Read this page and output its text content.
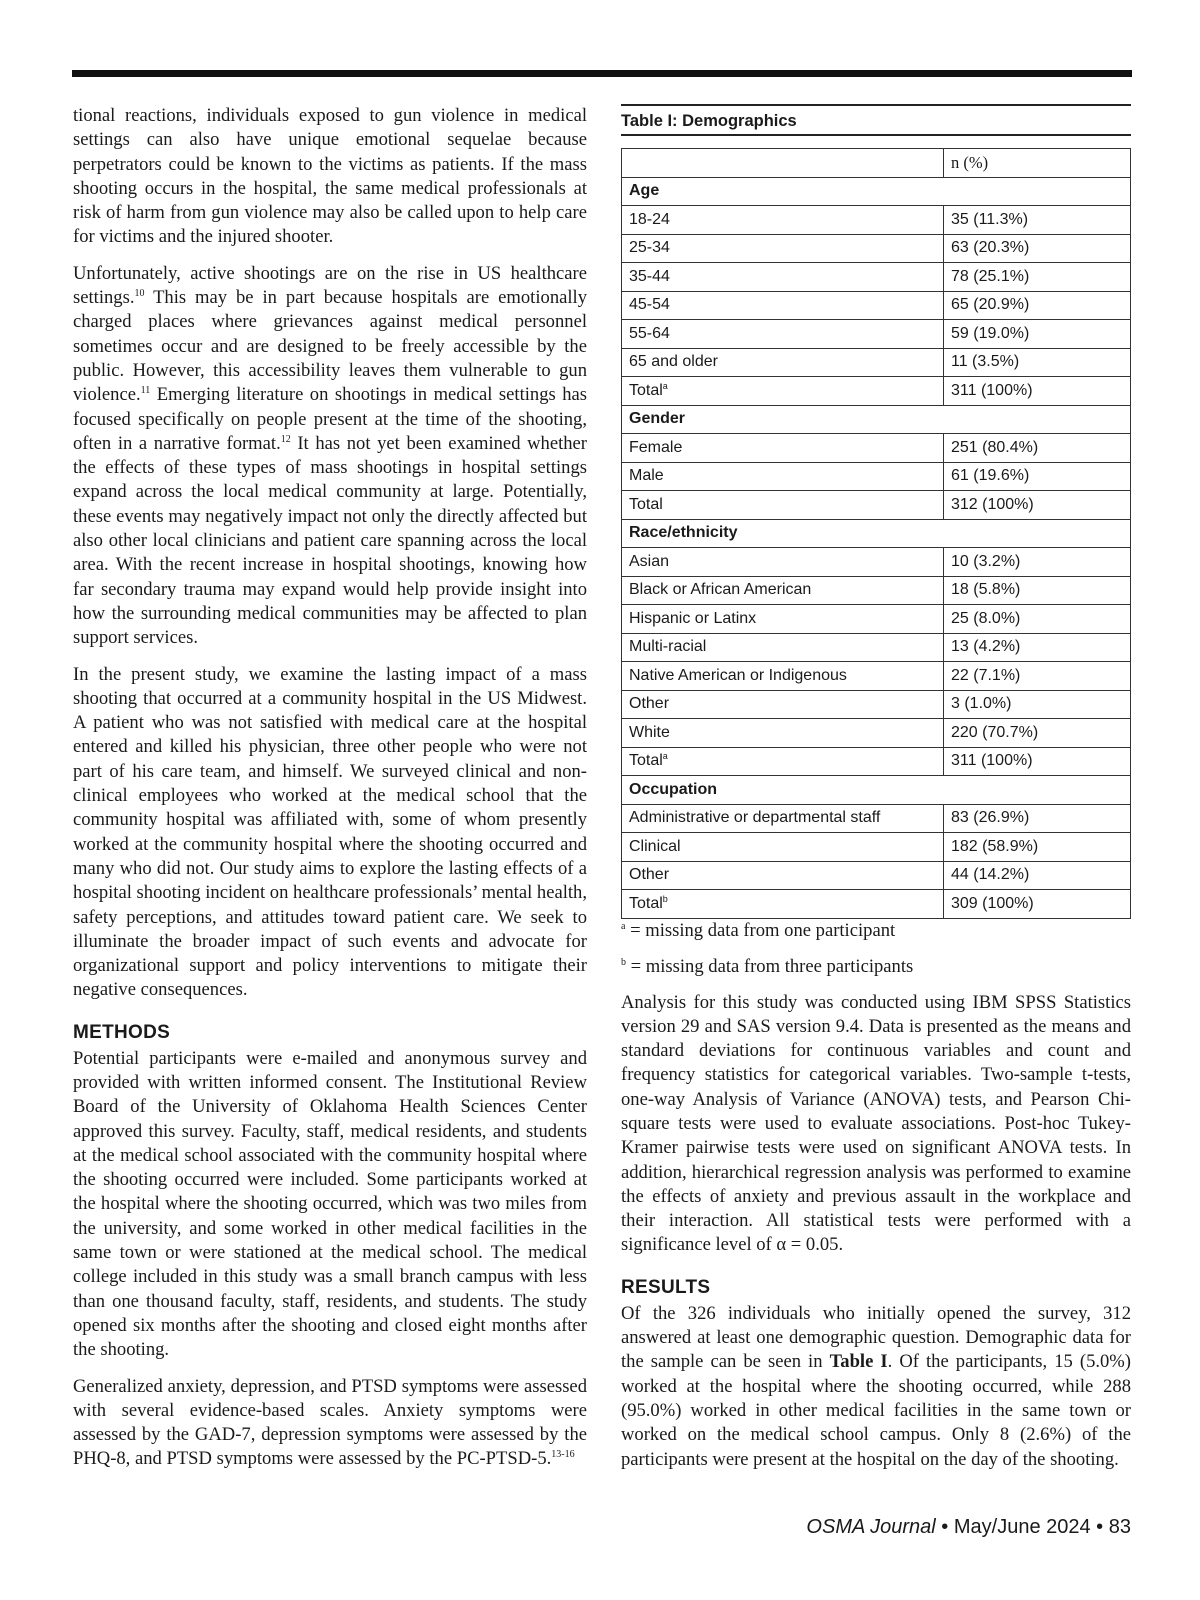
tional reactions, individuals exposed to gun violence in medical settings can also have unique emotional sequelae because perpetrators could be known to the victims as patients. If the mass shooting occurs in the hospital, the same medical professionals at risk of harm from gun violence may also be called upon to help care for victims and the injured shooter.

Unfortunately, active shootings are on the rise in US healthcare settings.$^{10}$ This may be in part because hospitals are emotionally charged places where grievances against medical personnel sometimes occur and are designed to be freely accessible by the public. However, this accessibility leaves them vulnerable to gun violence.$^{11}$ Emerging literature on shootings in medical settings has focused specifically on people present at the time of the shooting, often in a narrative format.$^{12}$ It has not yet been examined whether the effects of these types of mass shootings in hospital settings expand across the local medical community at large. Potentially, these events may negatively impact not only the directly affected but also other local clinicians and patient care spanning across the local area. With the recent increase in hospital shootings, knowing how far secondary trauma may expand would help provide insight into how the surrounding medical communities may be affected to plan support services.

In the present study, we examine the lasting impact of a mass shooting that occurred at a community hospital in the US Midwest. A patient who was not satisfied with medical care at the hospital entered and killed his physician, three other people who were not part of his care team, and himself. We surveyed clinical and non-clinical employees who worked at the medical school that the community hospital was affiliated with, some of whom presently worked at the community hospital where the shooting occurred and many who did not. Our study aims to explore the lasting effects of a hospital shooting incident on healthcare professionals’ mental health, safety perceptions, and attitudes toward patient care. We seek to illuminate the broader impact of such events and advocate for organizational support and policy interventions to mitigate their negative consequences.

METHODS

Potential participants were e-mailed and anonymous survey and provided with written informed consent. The Institutional Review Board of the University of Oklahoma Health Sciences Center approved this survey. Faculty, staff, medical residents, and students at the medical school associated with the community hospital where the shooting occurred were included. Some participants worked at the hospital where the shooting occurred, which was two miles from the university, and some worked in other medical facilities in the same town or were stationed at the medical school. The medical college included in this study was a small branch campus with less than one thousand faculty, staff, residents, and students. The study opened six months after the shooting and closed eight months after the shooting.

Generalized anxiety, depression, and PTSD symptoms were assessed with several evidence-based scales. Anxiety symptoms were assessed by the GAD-7, depression symptoms were assessed by the PHQ-8, and PTSD symptoms were assessed by the PC-PTSD-5.$^{13-16}$

Table I: Demographics
	n (%)
Age	
18-24	35 (11.3%)
25-34	63 (20.3%)
35-44	78 (25.1%)
45-54	65 (20.9%)
55-64	59 (19.0%)
65 and older	11 (3.5%)
Total$^a$	311 (100%)
Gender	
Female	251 (80.4%)
Male	61 (19.6%)
Total	312 (100%)
Race/ethnicity	
Asian	10 (3.2%)
Black or African American	18 (5.8%)
Hispanic or Latinx	25 (8.0%)
Multi-racial	13 (4.2%)
Native American or Indigenous	22 (7.1%)
Other	3 (1.0%)
White	220 (70.7%)
Total$^a$	311 (100%)
Occupation	
Administrative or departmental staff	83 (26.9%)
Clinical	182 (58.9%)
Other	44 (14.2%)
Total$^b$	309 (100%)

$^a$ = missing data from one participant

$^b$ = missing data from three participants

Analysis for this study was conducted using IBM SPSS Statistics version 29 and SAS version 9.4. Data is presented as the means and standard deviations for continuous variables and count and frequency statistics for categorical variables. Two-sample t-tests, one-way Analysis of Variance (ANOVA) tests, and Pearson Chi-square tests were used to evaluate associations. Post-hoc Tukey-Kramer pairwise tests were used on significant ANOVA tests. In addition, hierarchical regression analysis was performed to examine the effects of anxiety and previous assault in the workplace and their interaction. All statistical tests were performed with a significance level of α = 0.05.

RESULTS

Of the 326 individuals who initially opened the survey, 312 answered at least one demographic question. Demographic data for the sample can be seen in Table I. Of the participants, 15 (5.0%) worked at the hospital where the shooting occurred, while 288 (95.0%) worked in other medical facilities in the same town or worked on the medical school campus. Only 8 (2.6%) of the participants were present at the hospital on the day of the shooting.

OSMA Journal • May/June 2024 • 83
